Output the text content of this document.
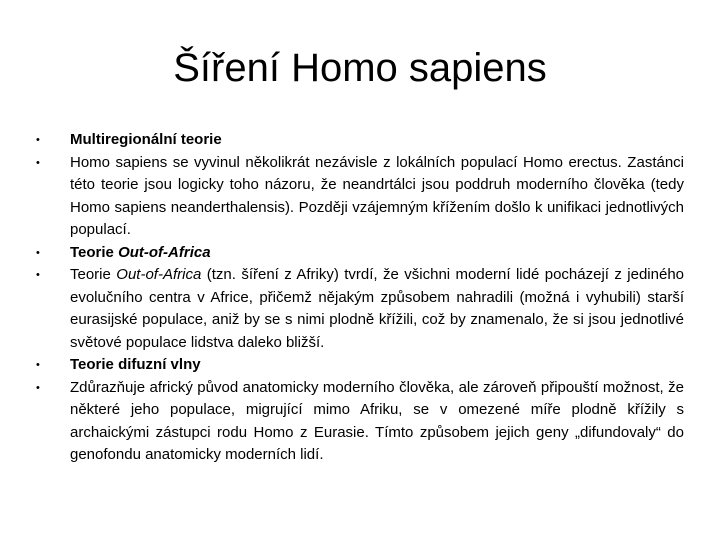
Šíření Homo sapiens
•	Multiregionální teorie
•	Homo sapiens se vyvinul několikrát nezávisle z lokálních populací Homo erectus. Zastánci této teorie jsou logicky toho názoru, že neandrtálci jsou poddruh moderního člověka (tedy Homo sapiens neanderthalensis). Později vzájemným křížením došlo k unifikaci jednotlivých populací.
•	Teorie Out-of-Africa
•	Teorie Out-of-Africa (tzn. šíření z Afriky) tvrdí, že všichni moderní lidé pocházejí z jediného evolučního centra v Africe, přičemž nějakým způsobem nahradili (možná i vyhubili) starší eurasijské populace, aniž by se s nimi plodně křížili, což by znamenalo, že si jsou jednotlivé světové populace lidstva daleko bližší.
•	Teorie difuzní vlny
•	Zdůrazňuje africký původ anatomicky moderního člověka, ale zároveň připouští možnost, že některé jeho populace, migrující mimo Afriku, se v omezené míře plodně křížily s archaickými zástupci rodu Homo z Eurasie. Tímto způsobem jejich geny „difundovaly“ do genofondu anatomicky moderních lidí.
